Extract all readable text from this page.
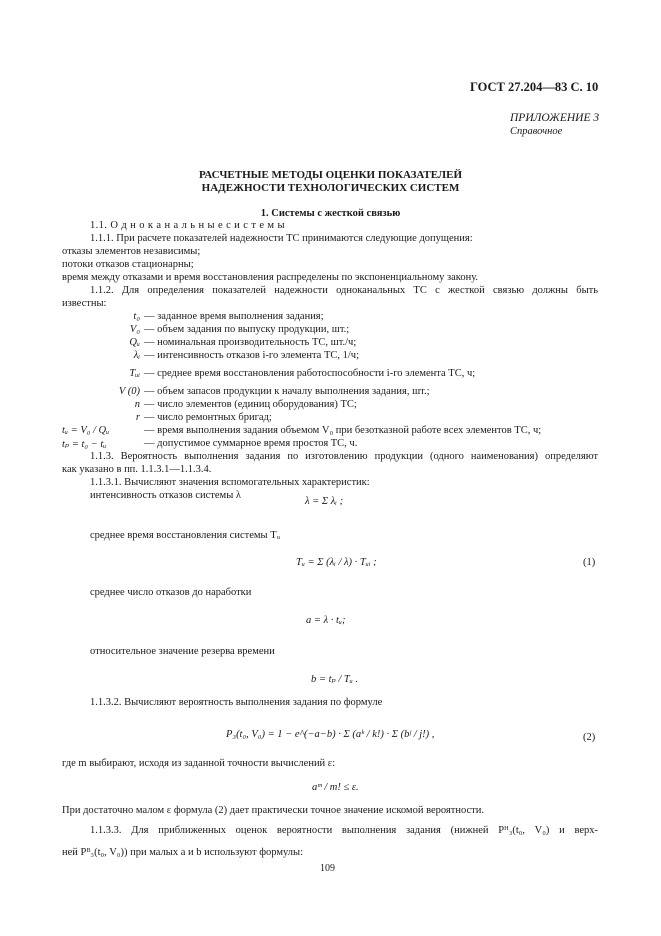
ГОСТ 27.204—83 С. 10
ПРИЛОЖЕНИЕ 3
Справочное
РАСЧЕТНЫЕ МЕТОДЫ ОЦЕНКИ ПОКАЗАТЕЛЕЙ
НАДЕЖНОСТИ ТЕХНОЛОГИЧЕСКИХ СИСТЕМ
1. Системы с жесткой связью
1.1. О д н о к а н а л ь н ы е с и с т е м ы
1.1.1. При расчете показателей надежности ТС принимаются следующие допущения:
отказы элементов независимы;
потоки отказов стационарны;
время между отказами и время восстановления распределены по экспоненциальному закону.
1.1.2. Для определения показателей надежности одноканальных ТС с жесткой связью должны быть
известны:
t₀ — заданное время выполнения задания;
V₀ — объем задания по выпуску продукции, шт.;
Qᵤ — номинальная производительность ТС, шт./ч;
λᵢ — интенсивность отказов i-го элемента ТС, 1/ч;
Tᵤᵢ — среднее время восстановления работоспособности i-го элемента ТС, ч;
V (0) — объем запасов продукции к началу выполнения задания, шт.;
n — число элементов (единиц оборудования) ТС;
r — число ремонтных бригад;
tᵤ = V₀ / Qᵤ	— время выполнения задания объемом V₀ при безотказной работе всех элементов ТС, ч;
tₚ = t₀ − tᵤ	— допустимое суммарное время простоя ТС, ч.
1.1.3. Вероятность выполнения задания по изготовлению продукции (одного наименования) определяют
как указано в пп. 1.1.3.1—1.1.3.4.
1.1.3.1. Вычисляют значения вспомогательных характеристик:
интенсивность отказов системы λ
λ = Σ λᵢ ;
среднее время восстановления системы Tᵤ
Tᵤ = Σ (λᵢ / λ) · Tᵤᵢ ;	(1)
среднее число отказов до наработки
a = λ · tᵤ;
относительное значение резерва времени
b = tₚ / Tᵤ .
1.1.3.2. Вычисляют вероятность выполнения задания по формуле
P₃(t₀, V₀) = 1 − e^(−a−b) · Σ (aᵏ / k!) · Σ (bʲ / j!) ,	(2)
где m выбирают, исходя из заданной точности вычислений ε:
aᵐ / m! ≤ ε.
При достаточно малом ε формула (2) дает практически точное значение искомой вероятности.
1.1.3.3. Для приближенных оценок вероятности выполнения задания (нижней Pᴴ₃(t₀, V₀) и верх-
ней Pᴮ₃(t₀, V₀)) при малых a и b используют формулы:
109
